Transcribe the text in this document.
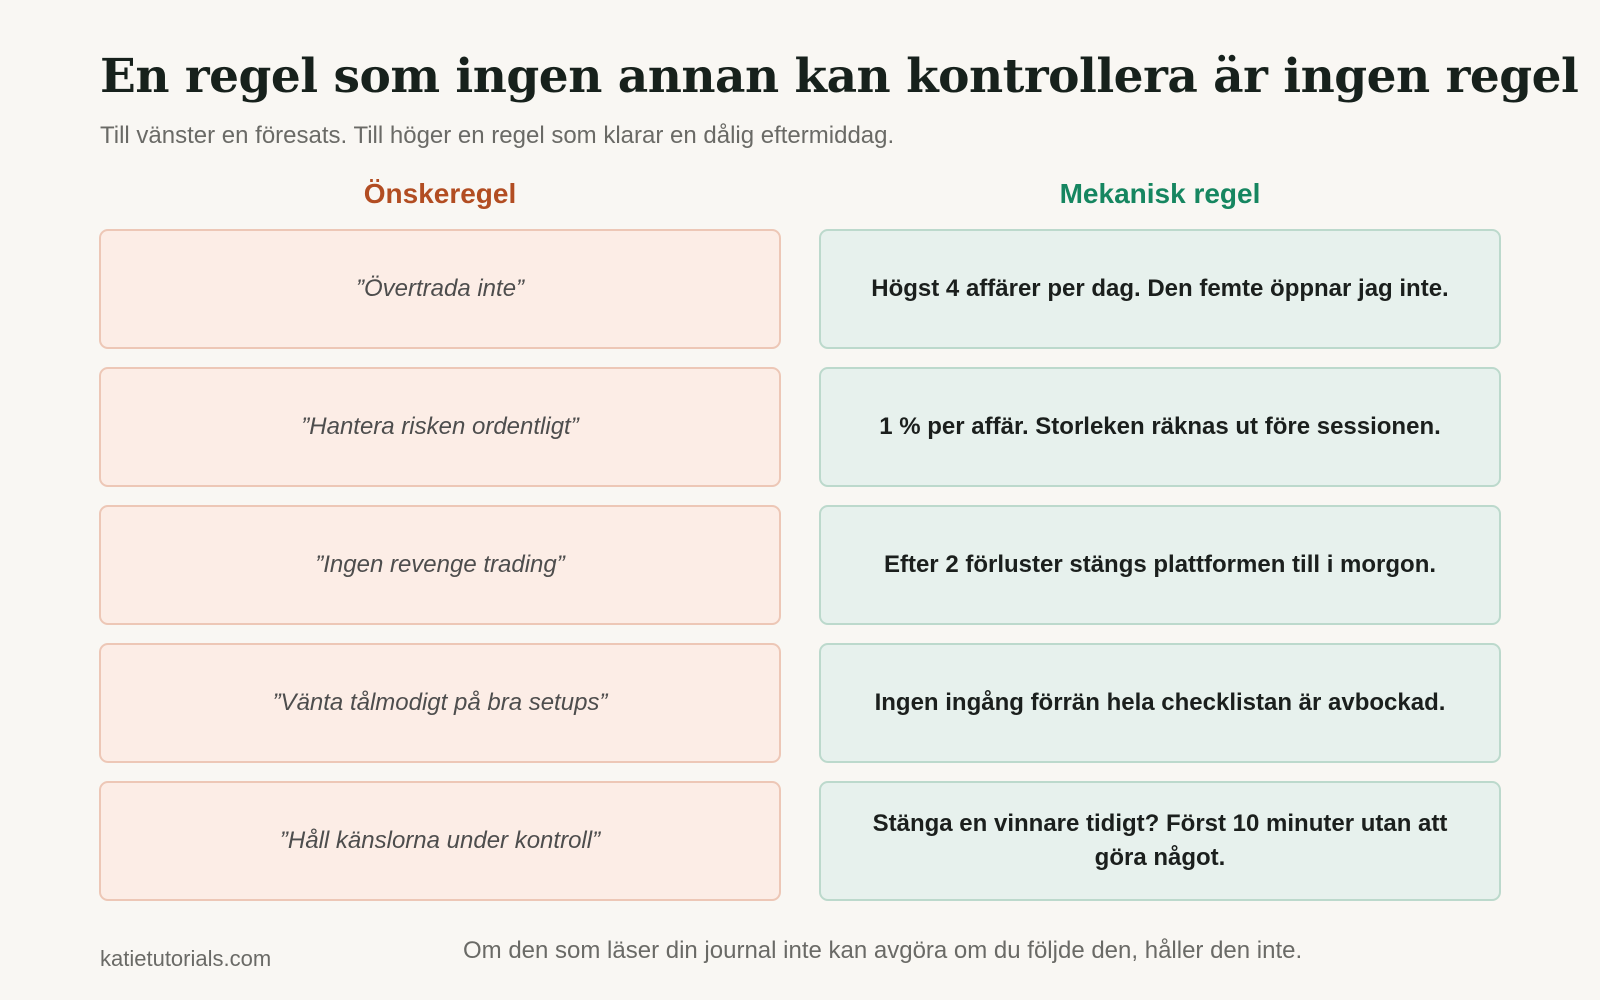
En regel som ingen annan kan kontrollera är ingen regel

Till vänster en föresats. Till höger en regel som klarar en dålig eftermiddag.

Önskeregel	Mekanisk regel
”Övertrada inte”
”Hantera risken ordentligt”
”Ingen revenge trading”
”Vänta tålmodigt på bra setups”
”Håll känslorna under kontroll”
Högst 4 affärer per dag. Den femte öppnar jag inte.
1 % per affär. Storleken räknas ut före sessionen.
Efter 2 förluster stängs plattformen till i morgon.
Ingen ingång förrän hela checklistan är avbockad.
Stänga en vinnare tidigt? Först 10 minuter utan att göra något.
katietutorials.com	Om den som läser din journal inte kan avgöra om du följde den, håller den inte.
